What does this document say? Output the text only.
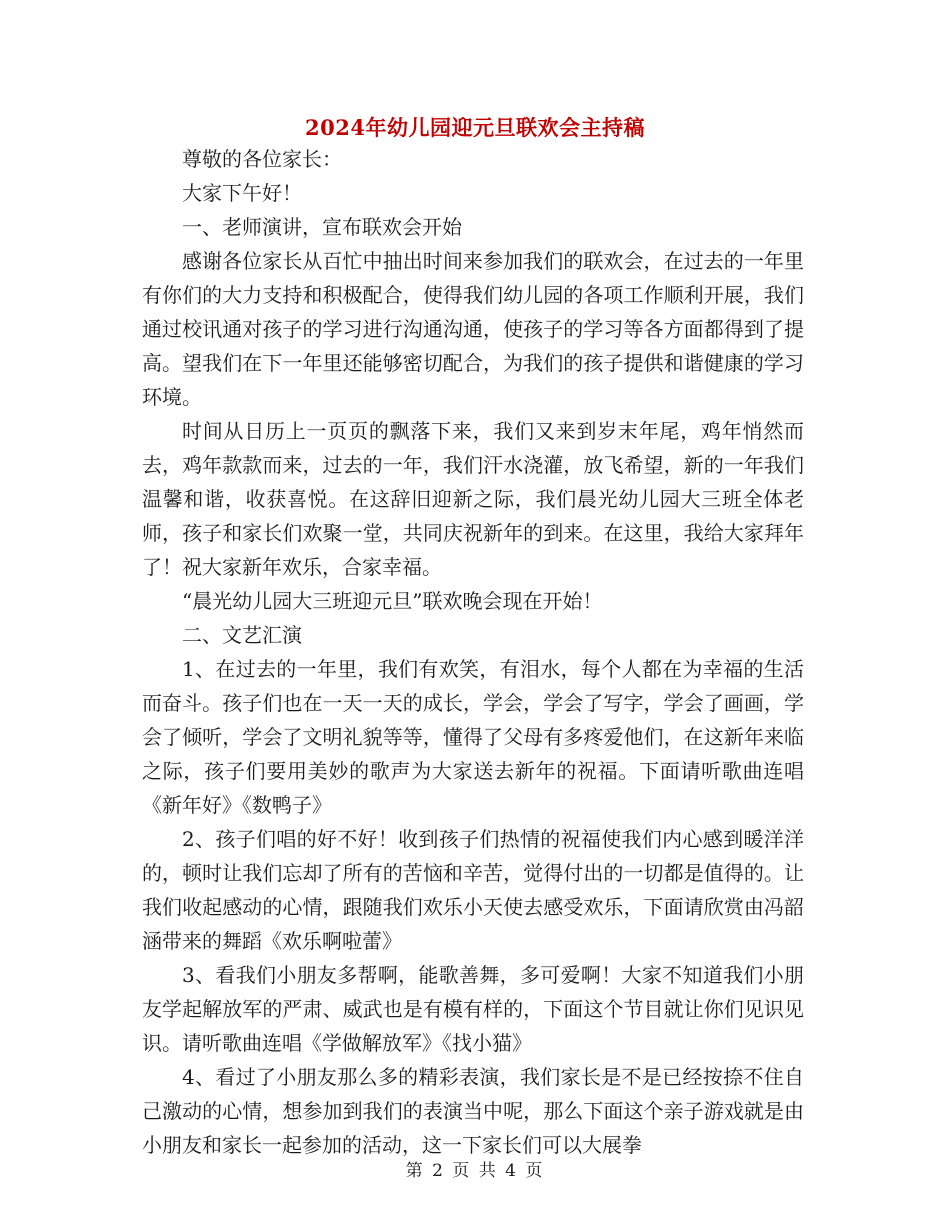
2024年幼儿园迎元旦联欢会主持稿

尊敬的各位家长：

大家下午好！

一、老师演讲，宣布联欢会开始

感谢各位家长从百忙中抽出时间来参加我们的联欢会，在过去的一年里有你们的大力支持和积极配合，使得我们幼儿园的各项工作顺利开展，我们通过校讯通对孩子的学习进行沟通沟通，使孩子的学习等各方面都得到了提高。望我们在下一年里还能够密切配合，为我们的孩子提供和谐健康的学习环境。

时间从日历上一页页的飘落下来，我们又来到岁末年尾，鸡年悄然而去，鸡年款款而来，过去的一年，我们汗水浇灌，放飞希望，新的一年我们温馨和谐，收获喜悦。在这辞旧迎新之际，我们晨光幼儿园大三班全体老师，孩子和家长们欢聚一堂，共同庆祝新年的到来。在这里，我给大家拜年了！祝大家新年欢乐，合家幸福。

“晨光幼儿园大三班迎元旦”联欢晚会现在开始！

二、文艺汇演

1、在过去的一年里，我们有欢笑，有泪水，每个人都在为幸福的生活而奋斗。孩子们也在一天一天的成长，学会，学会了写字，学会了画画，学会了倾听，学会了文明礼貌等等，懂得了父母有多疼爱他们，在这新年来临之际，孩子们要用美妙的歌声为大家送去新年的祝福。下面请听歌曲连唱《新年好》《数鸭子》

2、孩子们唱的好不好！收到孩子们热情的祝福使我们内心感到暖洋洋的，顿时让我们忘却了所有的苦恼和辛苦，觉得付出的一切都是值得的。让我们收起感动的心情，跟随我们欢乐小天使去感受欢乐，下面请欣赏由冯韶涵带来的舞蹈《欢乐啊啦蕾》

3、看我们小朋友多帮啊，能歌善舞，多可爱啊！大家不知道我们小朋友学起解放军的严肃、威武也是有模有样的，下面这个节目就让你们见识见识。请听歌曲连唱《学做解放军》《找小猫》

4、看过了小朋友那么多的精彩表演，我们家长是不是已经按捺不住自己激动的心情，想参加到我们的表演当中呢，那么下面这个亲子游戏就是由小朋友和家长一起参加的活动，这一下家长们可以大展拳

第 2 页 共 4 页
